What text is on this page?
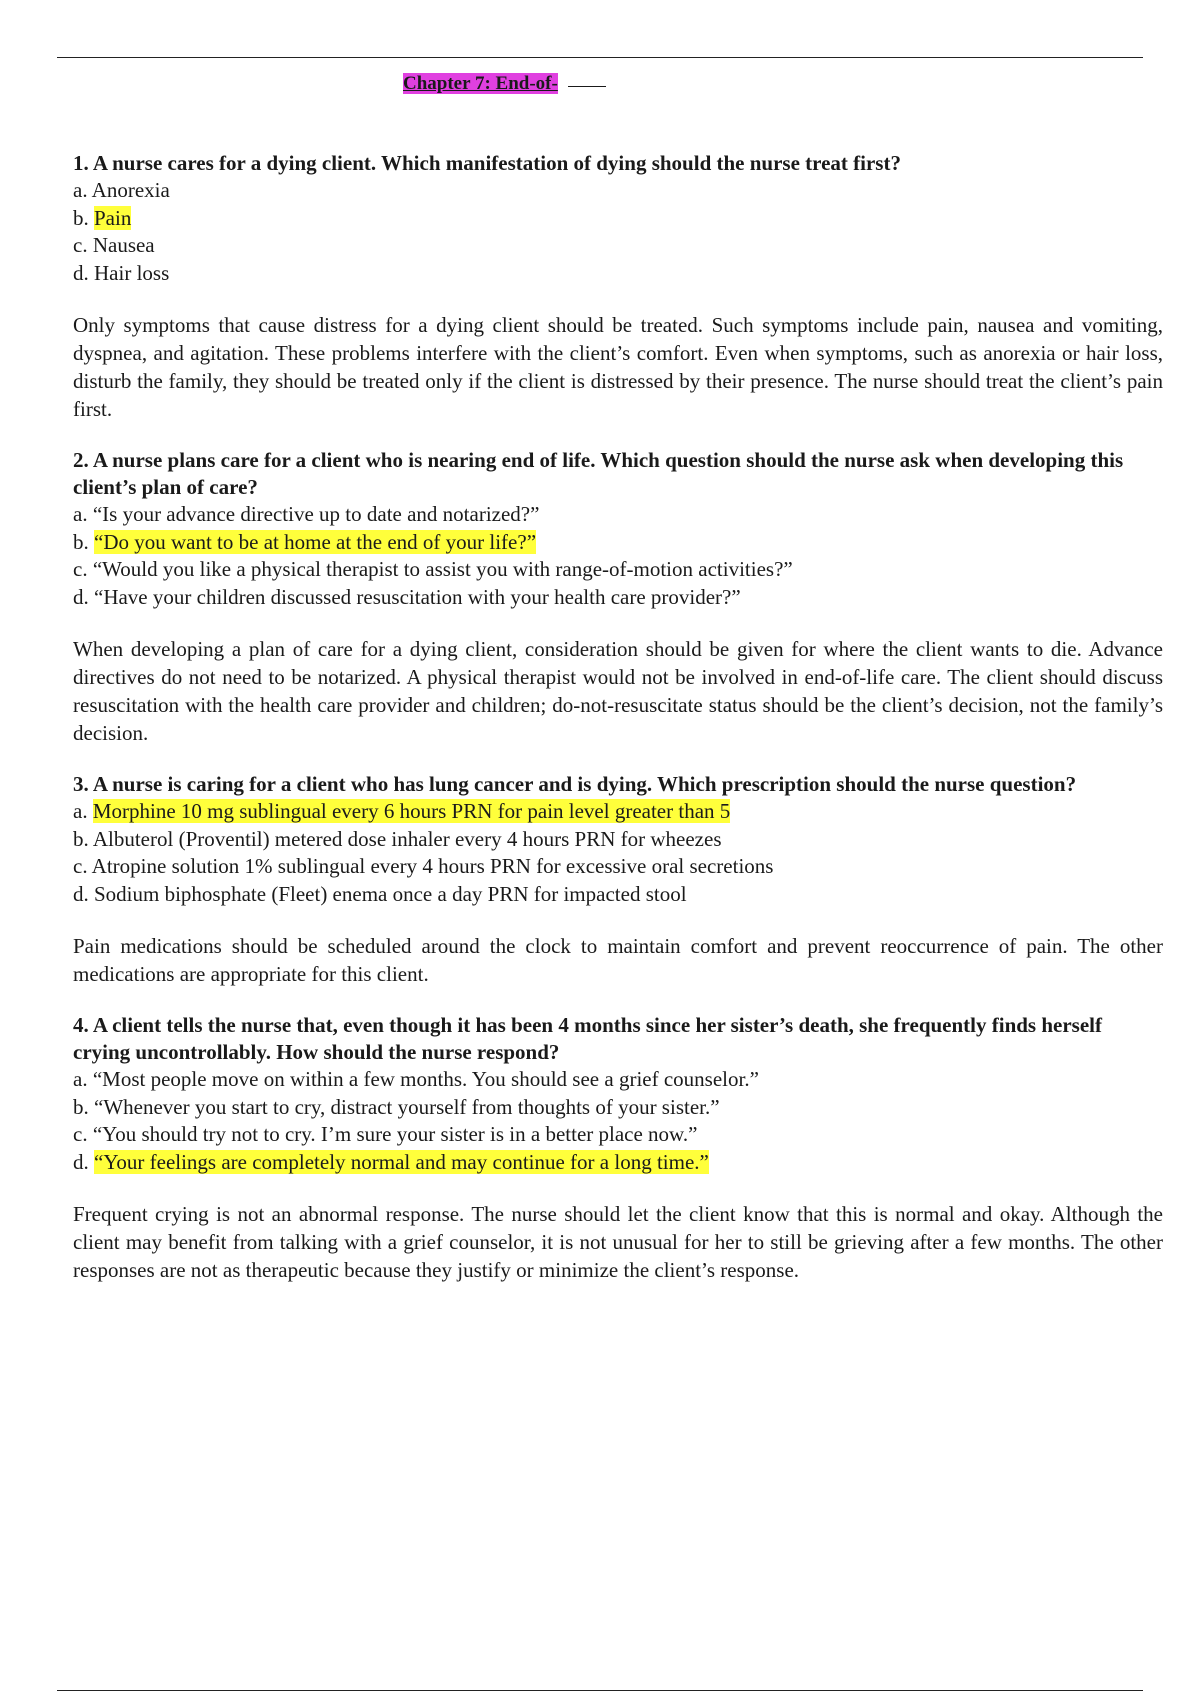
Chapter 7: End-of-

1. A nurse cares for a dying client. Which manifestation of dying should the nurse treat first?

a. Anorexia
b. Pain
c. Nausea
d. Hair loss

Only symptoms that cause distress for a dying client should be treated. Such symptoms include pain, nausea and vomiting, dyspnea, and agitation. These problems interfere with the client’s comfort. Even when symptoms, such as anorexia or hair loss, disturb the family, they should be treated only if the client is distressed by their presence. The nurse should treat the client’s pain first.

2. A nurse plans care for a client who is nearing end of life. Which question should the nurse ask when developing this client’s plan of care?

a. “Is your advance directive up to date and notarized?”
b. “Do you want to be at home at the end of your life?”
c. “Would you like a physical therapist to assist you with range-of-motion activities?”
d. “Have your children discussed resuscitation with your health care provider?”

When developing a plan of care for a dying client, consideration should be given for where the client wants to die. Advance directives do not need to be notarized. A physical therapist would not be involved in end-of-life care. The client should discuss resuscitation with the health care provider and children; do-not-resuscitate status should be the client’s decision, not the family’s decision.

3. A nurse is caring for a client who has lung cancer and is dying. Which prescription should the nurse question?

a. Morphine 10 mg sublingual every 6 hours PRN for pain level greater than 5
b. Albuterol (Proventil) metered dose inhaler every 4 hours PRN for wheezes
c. Atropine solution 1% sublingual every 4 hours PRN for excessive oral secretions
d. Sodium biphosphate (Fleet) enema once a day PRN for impacted stool

Pain medications should be scheduled around the clock to maintain comfort and prevent reoccurrence of pain. The other medications are appropriate for this client.

4. A client tells the nurse that, even though it has been 4 months since her sister’s death, she frequently finds herself crying uncontrollably. How should the nurse respond?

a. “Most people move on within a few months. You should see a grief counselor.”
b. “Whenever you start to cry, distract yourself from thoughts of your sister.”
c. “You should try not to cry. I’m sure your sister is in a better place now.”
d. “Your feelings are completely normal and may continue for a long time.”

Frequent crying is not an abnormal response. The nurse should let the client know that this is normal and okay. Although the client may benefit from talking with a grief counselor, it is not unusual for her to still be grieving after a few months. The other responses are not as therapeutic because they justify or minimize the client’s response.
